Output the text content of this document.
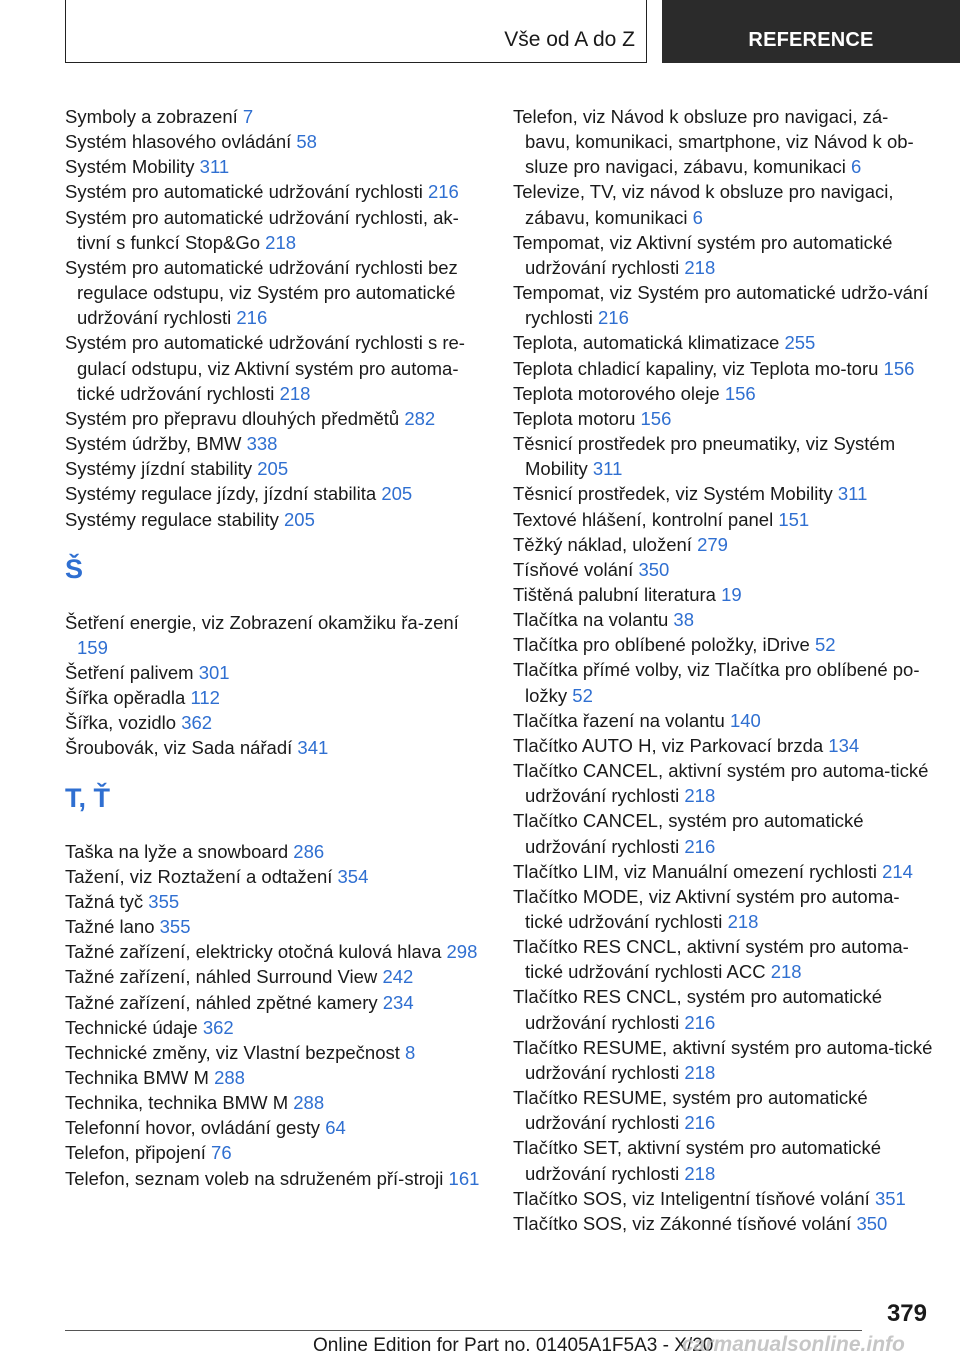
Vše od A do Z	REFERENCE
Symboly a zobrazení 7
Systém hlasového ovládání 58
Systém Mobility 311
Systém pro automatické udržování rychlosti 216
Systém pro automatické udržování rychlosti, ak-tivní s funkcí Stop&Go 218
Systém pro automatické udržování rychlosti bez regulace odstupu, viz Systém pro automatické udržování rychlosti 216
Systém pro automatické udržování rychlosti s re-gulací odstupu, viz Aktivní systém pro automa-tické udržování rychlosti 218
Systém pro přepravu dlouhých předmětů 282
Systém údržby, BMW 338
Systémy jízdní stability 205
Systémy regulace jízdy, jízdní stabilita 205
Systémy regulace stability 205
Š
Šetření energie, viz Zobrazení okamžiku řa-zení 159
Šetření palivem 301
Šířka opěradla 112
Šířka, vozidlo 362
Šroubovák, viz Sada nářadí 341
T, Ť
Taška na lyže a snowboard 286
Tažení, viz Roztažení a odtažení 354
Tažná tyč 355
Tažné lano 355
Tažné zařízení, elektricky otočná kulová hlava 298
Tažné zařízení, náhled Surround View 242
Tažné zařízení, náhled zpětné kamery 234
Technické údaje 362
Technické změny, viz Vlastní bezpečnost 8
Technika BMW M 288
Technika, technika BMW M 288
Telefonní hovor, ovládání gesty 64
Telefon, připojení 76
Telefon, seznam voleb na sdruženém pří-stroji 161
Telefon, viz Návod k obsluze pro navigaci, zá-bavu, komunikaci, smartphone, viz Návod k ob-sluze pro navigaci, zábavu, komunikaci 6
Televize, TV, viz návod k obsluze pro navigaci, zábavu, komunikaci 6
Tempomat, viz Aktivní systém pro automatické udržování rychlosti 218
Tempomat, viz Systém pro automatické udržo-vání rychlosti 216
Teplota, automatická klimatizace 255
Teplota chladicí kapaliny, viz Teplota mo-toru 156
Teplota motorového oleje 156
Teplota motoru 156
Těsnicí prostředek pro pneumatiky, viz Systém Mobility 311
Těsnicí prostředek, viz Systém Mobility 311
Textové hlášení, kontrolní panel 151
Těžký náklad, uložení 279
Tísňové volání 350
Tištěná palubní literatura 19
Tlačítka na volantu 38
Tlačítka pro oblíbené položky, iDrive 52
Tlačítka přímé volby, viz Tlačítka pro oblíbené po-ložky 52
Tlačítka řazení na volantu 140
Tlačítko AUTO H, viz Parkovací brzda 134
Tlačítko CANCEL, aktivní systém pro automa-tické udržování rychlosti 218
Tlačítko CANCEL, systém pro automatické udržování rychlosti 216
Tlačítko LIM, viz Manuální omezení rychlosti 214
Tlačítko MODE, viz Aktivní systém pro automa-tické udržování rychlosti 218
Tlačítko RES CNCL, aktivní systém pro automa-tické udržování rychlosti ACC 218
Tlačítko RES CNCL, systém pro automatické udržování rychlosti 216
Tlačítko RESUME, aktivní systém pro automa-tické udržování rychlosti 218
Tlačítko RESUME, systém pro automatické udržování rychlosti 216
Tlačítko SET, aktivní systém pro automatické udržování rychlosti 218
Tlačítko SOS, viz Inteligentní tísňové volání 351
Tlačítko SOS, viz Zákonné tísňové volání 350
379
Online Edition for Part no. 01405A1F5A3 - X/20
carmanualsonline.info
